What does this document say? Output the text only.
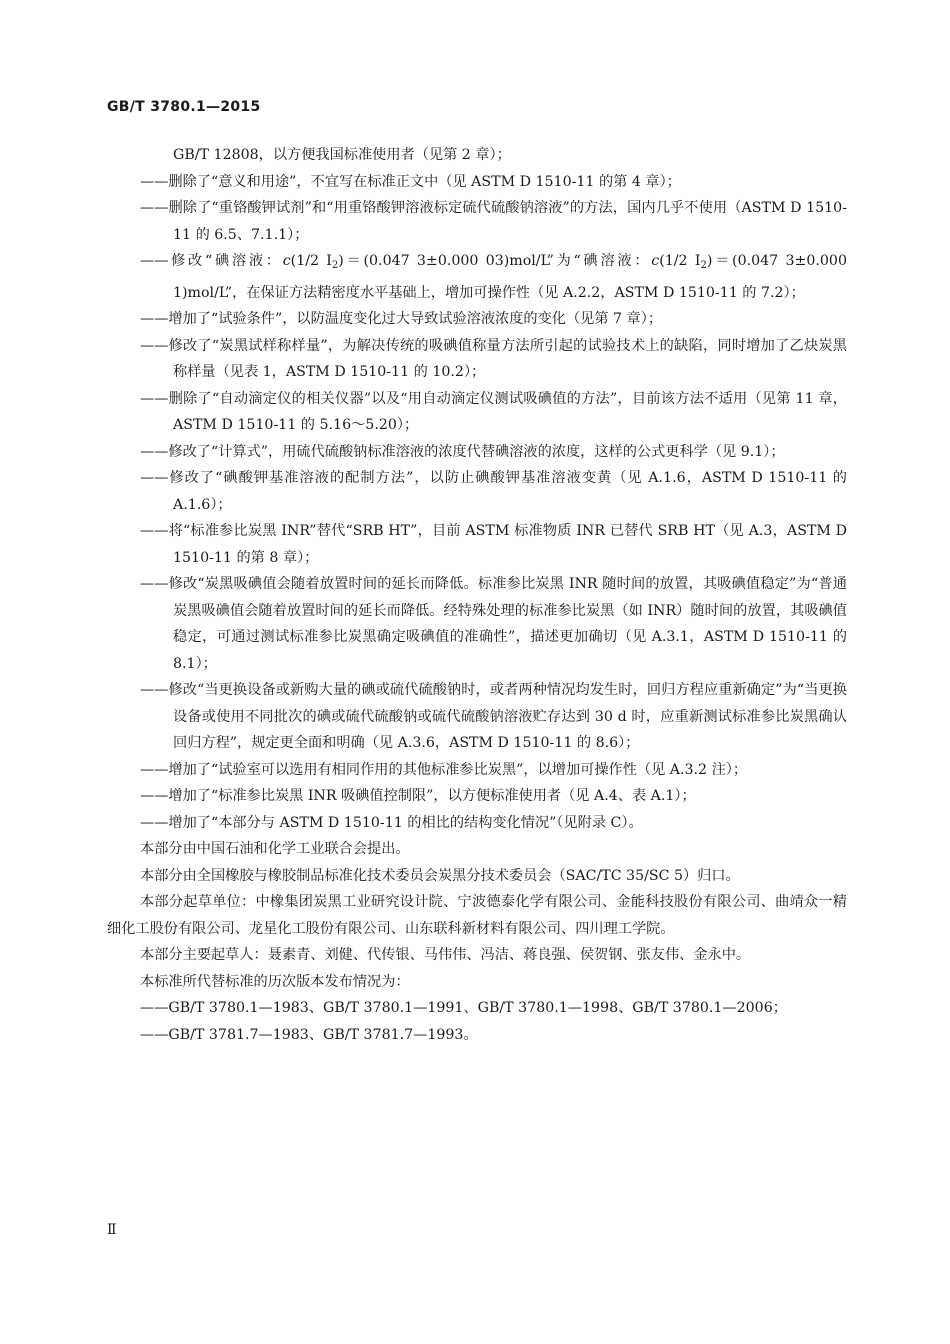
GB/T 3780.1—2015

GB/T 12808，以方便我国标准使用者（见第 2 章）；

——删除了“意义和用途”，不宜写在标准正文中（见 ASTM D 1510-11 的第 4 章）；

——删除了“重铬酸钾试剂”和“用重铬酸钾溶液标定硫代硫酸钠溶液”的方法，国内几乎不使用（ASTM D 1510-11 的 6.5、7.1.1）；

——修改“碘溶液：c(1/2 $I_2)=(0.047$ 3±0.000 03)mol/L”为“碘溶液：c(1/2 $I_2)=(0.047$ 3±0.000 1)mol/L”，在保证方法精密度水平基础上，增加可操作性（见 A.2.2，ASTM D 1510-11 的 7.2）；

——增加了“试验条件”，以防温度变化过大导致试验溶液浓度的变化（见第 7 章）；

——修改了“炭黑试样称样量”，为解决传统的吸碘值称量方法所引起的试验技术上的缺陷，同时增加了乙炔炭黑称样量（见表 1，ASTM D 1510-11 的 10.2）；

——删除了“自动滴定仪的相关仪器”以及“用自动滴定仪测试吸碘值的方法”，目前该方法不适用（见第 11 章，ASTM D 1510-11 的 5.16～5.20）；

——修改了“计算式”，用硫代硫酸钠标准溶液的浓度代替碘溶液的浓度，这样的公式更科学（见 9.1）；

——修改了“碘酸钾基准溶液的配制方法”，以防止碘酸钾基准溶液变黄（见 A.1.6，ASTM D 1510-11 的 A.1.6）；

——将“标准参比炭黑 INR”替代“SRB HT”，目前 ASTM 标准物质 INR 已替代 SRB HT（见 A.3，ASTM D 1510-11 的第 8 章）；

——修改“炭黑吸碘值会随着放置时间的延长而降低。标准参比炭黑 INR 随时间的放置，其吸碘值稳定”为“普通炭黑吸碘值会随着放置时间的延长而降低。经特殊处理的标准参比炭黑（如 INR）随时间的放置，其吸碘值稳定，可通过测试标准参比炭黑确定吸碘值的准确性”，描述更加确切（见 A.3.1，ASTM D 1510-11 的 8.1）；

——修改“当更换设备或新购大量的碘或硫代硫酸钠时，或者两种情况均发生时，回归方程应重新确定”为“当更换设备或使用不同批次的碘或硫代硫酸钠或硫代硫酸钠溶液贮存达到 30 d 时，应重新测试标准参比炭黑确认回归方程”，规定更全面和明确（见 A.3.6，ASTM D 1510-11 的 8.6）；

——增加了“试验室可以选用有相同作用的其他标准参比炭黑”，以增加可操作性（见 A.3.2 注）；

——增加了“标准参比炭黑 INR 吸碘值控制限”，以方便标准使用者（见 A.4、表 A.1）；

——增加了“本部分与 ASTM D 1510-11 的相比的结构变化情况”（见附录 C）。

本部分由中国石油和化学工业联合会提出。

本部分由全国橡胶与橡胶制品标准化技术委员会炭黑分技术委员会（SAC/TC 35/SC 5）归口。

本部分起草单位：中橡集团炭黑工业研究设计院、宁波德泰化学有限公司、金能科技股份有限公司、曲靖众一精细化工股份有限公司、龙星化工股份有限公司、山东联科新材料有限公司、四川理工学院。

本部分主要起草人：聂素青、刘健、代传银、马伟伟、冯洁、蒋良强、侯贺钢、张友伟、金永中。

本标准所代替标准的历次版本发布情况为：

——GB/T 3780.1—1983、GB/T 3780.1—1991、GB/T 3780.1—1998、GB/T 3780.1—2006；

——GB/T 3781.7—1983、GB/T 3781.7—1993。

Ⅱ
